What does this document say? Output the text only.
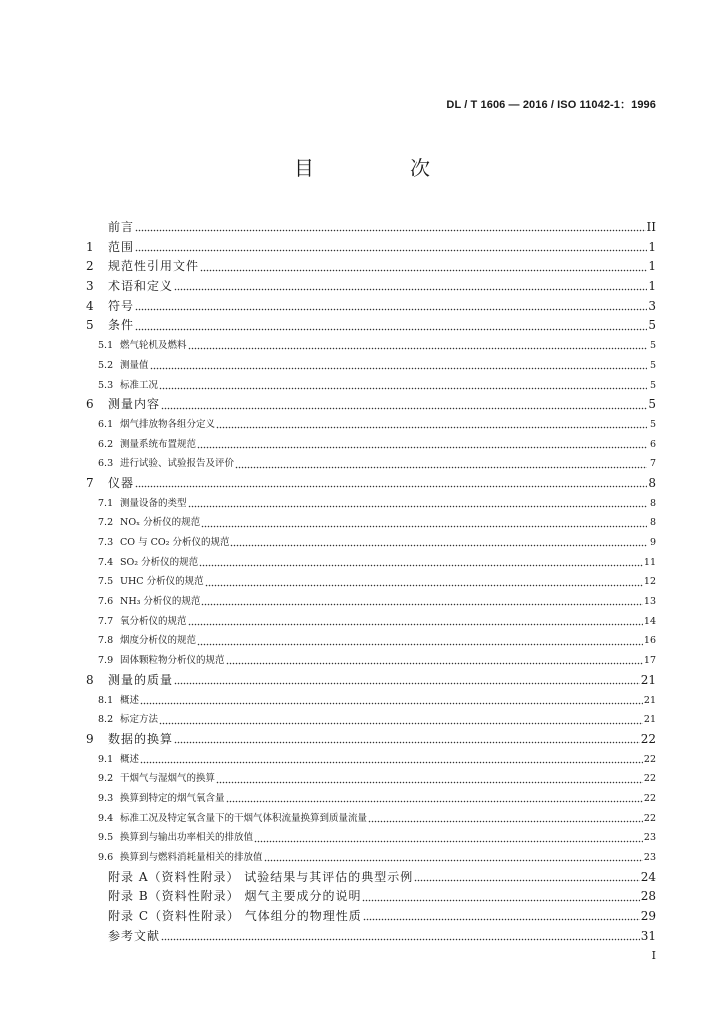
DL / T 1606 — 2016 / ISO 11042-1：1996
目　次
前言	II
1	范围	1
2	规范性引用文件	1
3	术语和定义	1
4	符号	3
5	条件	5
5.1 燃气轮机及燃料	5
5.2 测量值	5
5.3 标准工况	5
6	测量内容	5
6.1 烟气排放物各组分定义	5
6.2 测量系统布置规范	6
6.3 进行试验、试验报告及评价	7
7	仪器	8
7.1 测量设备的类型	8
7.2 NOₓ 分析仪的规范	8
7.3 CO 与 CO₂ 分析仪的规范	9
7.4 SO₂ 分析仪的规范	11
7.5 UHC 分析仪的规范	12
7.6 NH₃ 分析仪的规范	13
7.7 氧分析仪的规范	14
7.8 烟度分析仪的规范	16
7.9 固体颗粒物分析仪的规范	17
8	测量的质量	21
8.1 概述	21
8.2 标定方法	21
9	数据的换算	22
9.1 概述	22
9.2 干烟气与湿烟气的换算	22
9.3 换算到特定的烟气氧含量	22
9.4 标准工况及特定氧含量下的干烟气体积流量换算到质量流量	22
9.5 换算到与输出功率相关的排放值	23
9.6 换算到与燃料消耗量相关的排放值	23
附录 A（资料性附录） 试验结果与其评估的典型示例	24
附录 B（资料性附录） 烟气主要成分的说明	28
附录 C（资料性附录） 气体组分的物理性质	29
参考文献	31
I
